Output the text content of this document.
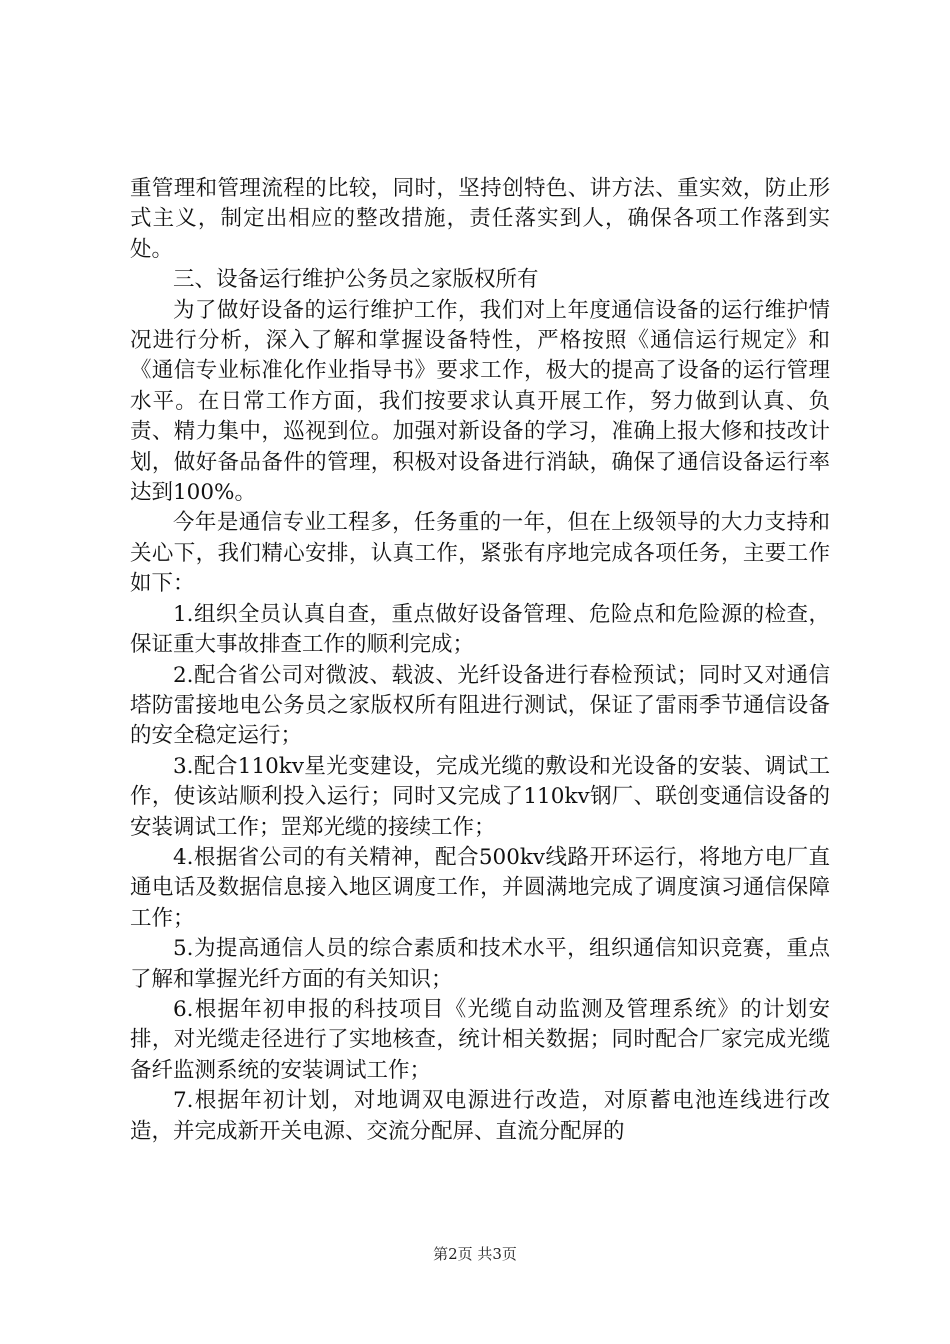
重管理和管理流程的比较，同时，坚持创特色、讲方法、重实效，防止形式主义，制定出相应的整改措施，责任落实到人，确保各项工作落到实处。

三、设备运行维护公务员之家版权所有

为了做好设备的运行维护工作，我们对上年度通信设备的运行维护情况进行分析，深入了解和掌握设备特性，严格按照《通信运行规定》和《通信专业标准化作业指导书》要求工作，极大的提高了设备的运行管理水平。在日常工作方面，我们按要求认真开展工作，努力做到认真、负责、精力集中，巡视到位。加强对新设备的学习，准确上报大修和技改计划，做好备品备件的管理，积极对设备进行消缺，确保了通信设备运行率达到100%。

今年是通信专业工程多，任务重的一年，但在上级领导的大力支持和关心下，我们精心安排，认真工作，紧张有序地完成各项任务，主要工作如下：

1.组织全员认真自查，重点做好设备管理、危险点和危险源的检查，保证重大事故排查工作的顺利完成；

2.配合省公司对微波、载波、光纤设备进行春检预试；同时又对通信塔防雷接地电公务员之家版权所有阻进行测试，保证了雷雨季节通信设备的安全稳定运行；

3.配合110kv星光变建设，完成光缆的敷设和光设备的安装、调试工作，使该站顺利投入运行；同时又完成了110kv钢厂、联创变通信设备的安装调试工作；罡郑光缆的接续工作；

4.根据省公司的有关精神，配合500kv线路开环运行，将地方电厂直通电话及数据信息接入地区调度工作，并圆满地完成了调度演习通信保障工作；

5.为提高通信人员的综合素质和技术水平，组织通信知识竞赛，重点了解和掌握光纤方面的有关知识；

6.根据年初申报的科技项目《光缆自动监测及管理系统》的计划安排，对光缆走径进行了实地核查，统计相关数据；同时配合厂家完成光缆备纤监测系统的安装调试工作；

7.根据年初计划，对地调双电源进行改造，对原蓄电池连线进行改造，并完成新开关电源、交流分配屏、直流分配屏的

第2页 共3页
